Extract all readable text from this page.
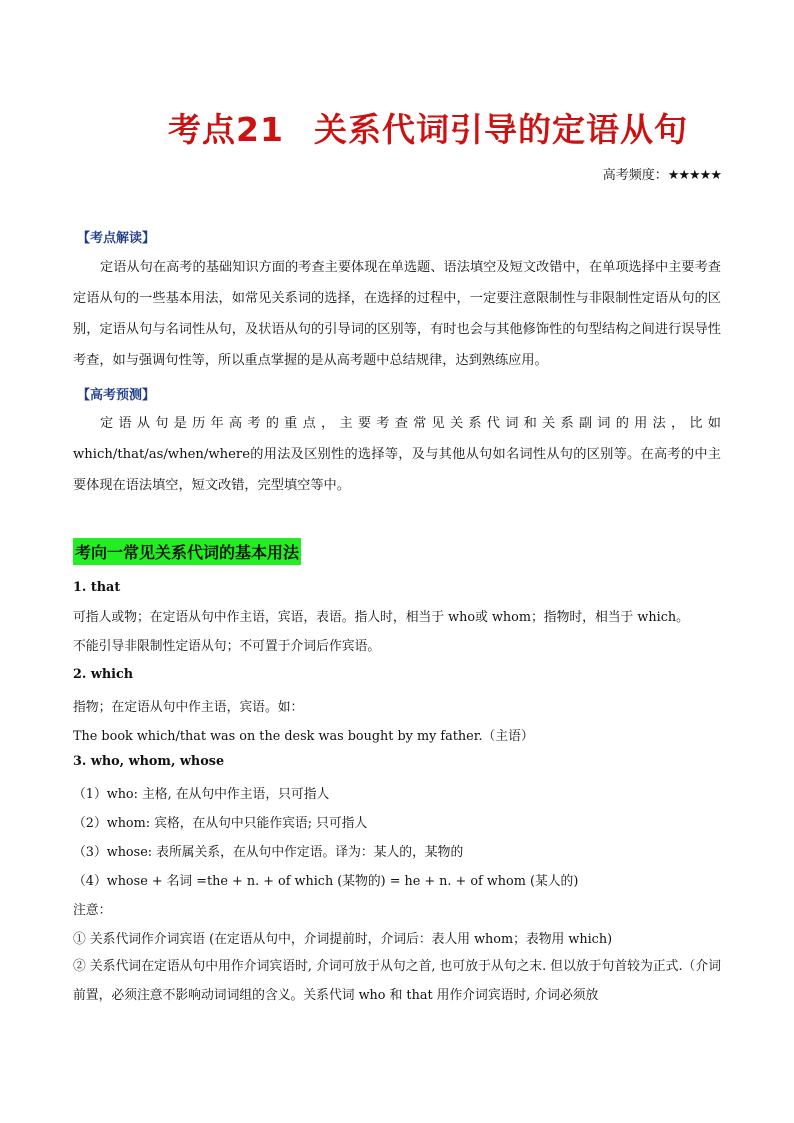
考点21 关系代词引导的定语从句
高考频度：★★★★★
【考点解读】

定语从句在高考的基础知识方面的考查主要体现在单选题、语法填空及短文改错中，在单项选择中主要考查定语从句的一些基本用法，如常见关系词的选择，在选择的过程中，一定要注意限制性与非限制性定语从句的区别，定语从句与名词性从句，及状语从句的引导词的区别等，有时也会与其他修饰性的句型结构之间进行误导性考查，如与强调句性等，所以重点掌握的是从高考题中总结规律，达到熟练应用。

【高考预测】

定语从句是历年高考的重点，主要考查常见关系代词和关系副词的用法，比如which/that/as/when/where的用法及区别性的选择等，及与其他从句如名词性从句的区别等。在高考的中主要体现在语法填空，短文改错，完型填空等中。

考向一常见关系代词的基本用法
1. that

可指人或物；在定语从句中作主语，宾语，表语。指人时，相当于 who或 whom；指物时，相当于 which。

不能引导非限制性定语从句；不可置于介词后作宾语。

2. which
指物；在定语从句中作主语，宾语。如：
The book which/that was on the desk was bought by my father.（主语）
3. who, whom, whose
（1）who: 主格, 在从句中作主语，只可指人
（2）whom: 宾格，在从句中只能作宾语; 只可指人
（3）whose: 表所属关系，在从句中作定语。译为：某人的，某物的
（4）whose + 名词 =the + n. + of which (某物的) = he + n. + of whom (某人的)
注意：
① 关系代词作介词宾语 (在定语从句中，介词提前时，介词后：表人用 whom；表物用 which)

② 关系代词在定语从句中用作介词宾语时, 介词可放于从句之首, 也可放于从句之末. 但以放于句首较为正式.（介词前置，必须注意不影响动词词组的含义。关系代词 who 和 that 用作介词宾语时, 介词必须放
